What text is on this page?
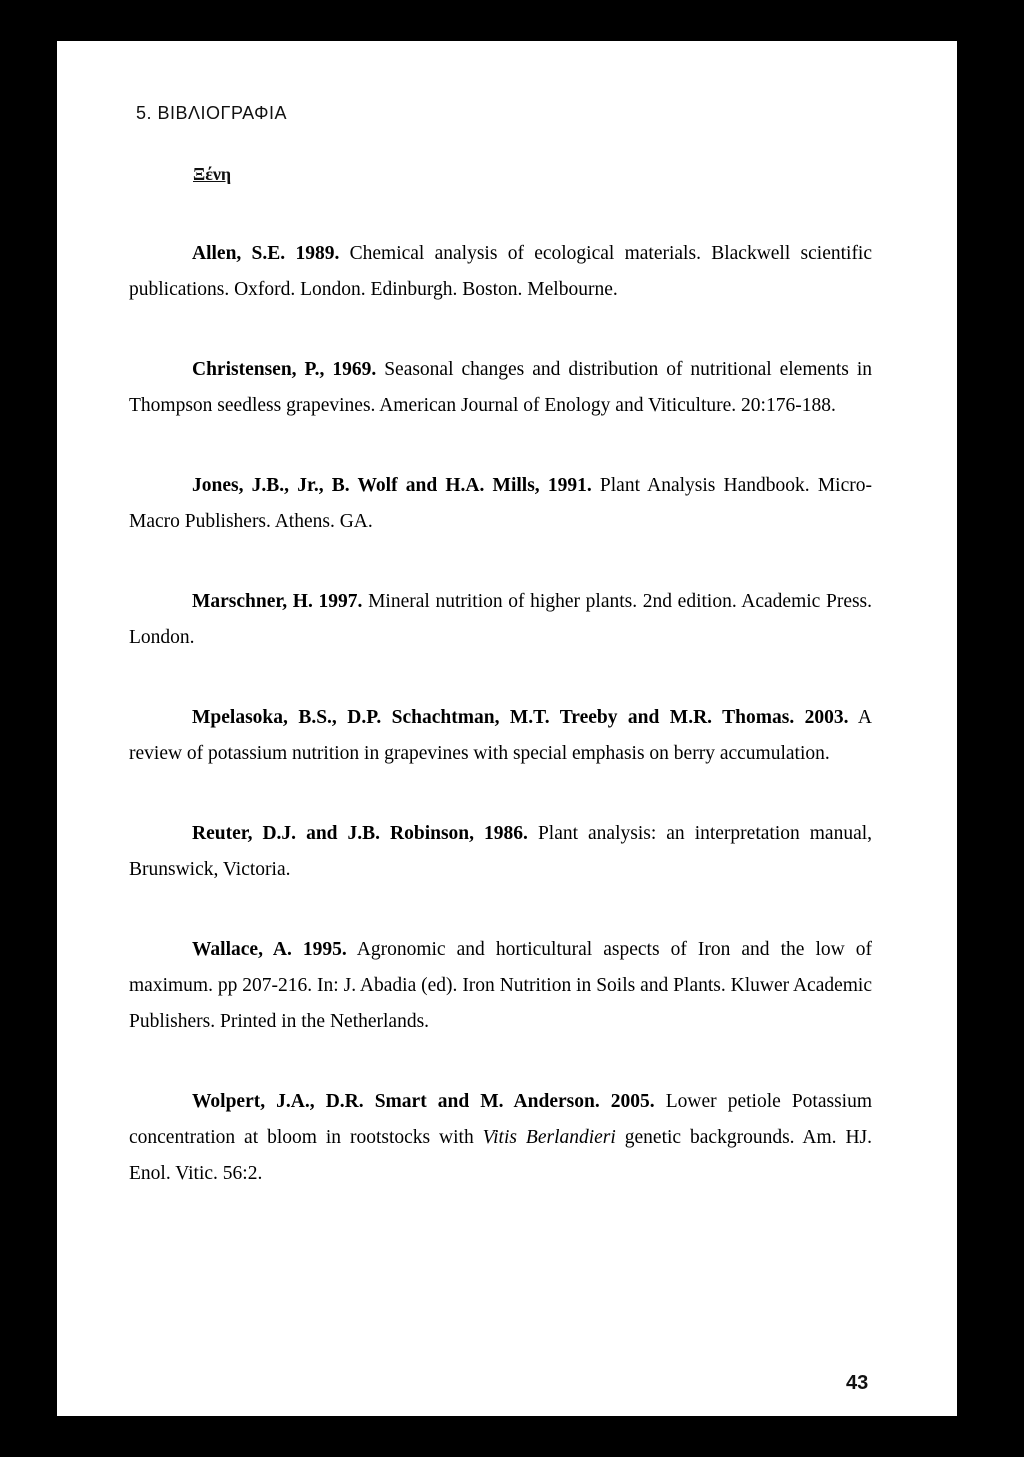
5. ΒΙΒΛΙΟΓΡΑΦΙΑ
Ξένη

Allen, S.E. 1989. Chemical analysis of ecological materials. Blackwell scientific publications. Oxford. London. Edinburgh. Boston. Melbourne.

Christensen, P., 1969. Seasonal changes and distribution of nutritional elements in Thompson seedless grapevines. American Journal of Enology and Viticulture. 20:176-188.

Jones, J.B., Jr., B. Wolf and H.A. Mills, 1991. Plant Analysis Handbook. Micro-Macro Publishers. Athens. GA.

Marschner, H. 1997. Mineral nutrition of higher plants. 2nd edition. Academic Press. London.

Mpelasoka, B.S., D.P. Schachtman, M.T. Treeby and M.R. Thomas. 2003. A review of potassium nutrition in grapevines with special emphasis on berry accumulation.

Reuter, D.J. and J.B. Robinson, 1986. Plant analysis: an interpretation manual, Brunswick, Victoria.

Wallace, A. 1995. Agronomic and horticultural aspects of Iron and the low of maximum. pp 207-216. In: J. Abadia (ed). Iron Nutrition in Soils and Plants. Kluwer Academic Publishers. Printed in the Netherlands.

Wolpert, J.A., D.R. Smart and M. Anderson. 2005. Lower petiole Potassium concentration at bloom in rootstocks with Vitis Berlandieri genetic backgrounds. Am. HJ. Enol. Vitic. 56:2.

43
